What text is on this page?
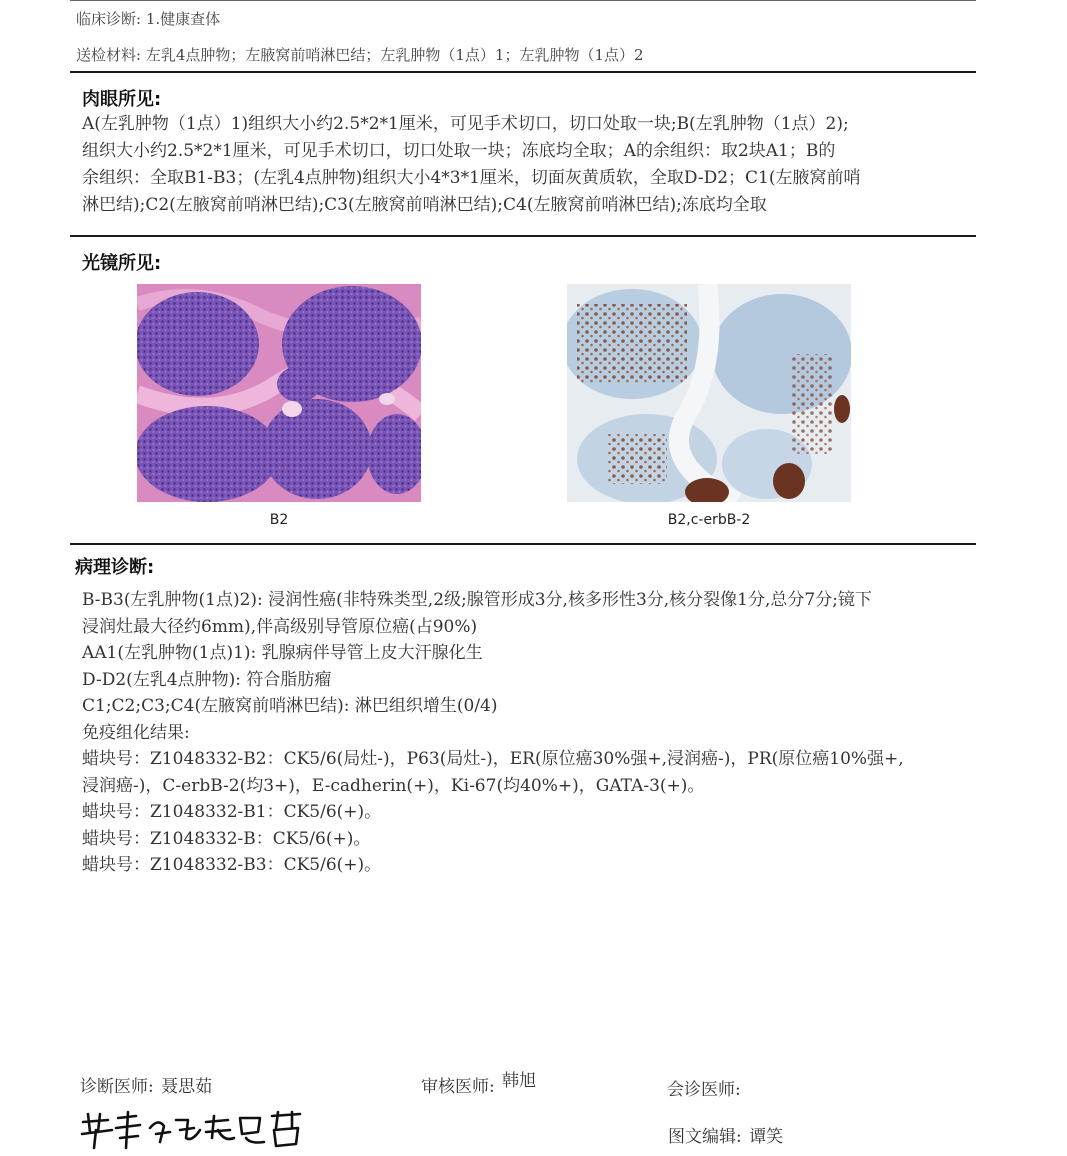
临床诊断: 1.健康查体
送检材料: 左乳4点肿物；左腋窝前哨淋巴结；左乳肿物（1点）1；左乳肿物（1点）2
肉眼所见:

A(左乳肿物（1点）1)组织大小约2.5*2*1厘米，可见手术切口，切口处取一块;B(左乳肿物（1点）2);

组织大小约2.5*2*1厘米，可见手术切口，切口处取一块；冻底均全取；A的余组织：取2块A1；B的

余组织：全取B1-B3；(左乳4点肿物)组织大小4*3*1厘米，切面灰黄质软，全取D-D2；C1(左腋窝前哨

淋巴结);C2(左腋窝前哨淋巴结);C3(左腋窝前哨淋巴结);C4(左腋窝前哨淋巴结);冻底均全取

光镜所见:
B2	B2,c-erbB-2
病理诊断:

B-B3(左乳肿物(1点)2): 浸润性癌(非特殊类型,2级;腺管形成3分,核多形性3分,核分裂像1分,总分7分;镜下

浸润灶最大径约6mm),伴高级别导管原位癌(占90%)

AA1(左乳肿物(1点)1): 乳腺病伴导管上皮大汗腺化生

D-D2(左乳4点肿物): 符合脂肪瘤

C1;C2;C3;C4(左腋窝前哨淋巴结): 淋巴组织增生(0/4)

免疫组化结果:

蜡块号：Z1048332-B2：CK5/6(局灶-)，P63(局灶-)，ER(原位癌30%强+,浸润癌-)，PR(原位癌10%强+,

浸润癌-)，C-erbB-2(均3+)，E-cadherin(+)，Ki-67(均40%+)，GATA-3(+)。

蜡块号：Z1048332-B1：CK5/6(+)。

蜡块号：Z1048332-B：CK5/6(+)。

蜡块号：Z1048332-B3：CK5/6(+)。

诊断医师: 聂思茹	审核医师: 韩旭	会诊医师:
图文编辑: 谭笑
